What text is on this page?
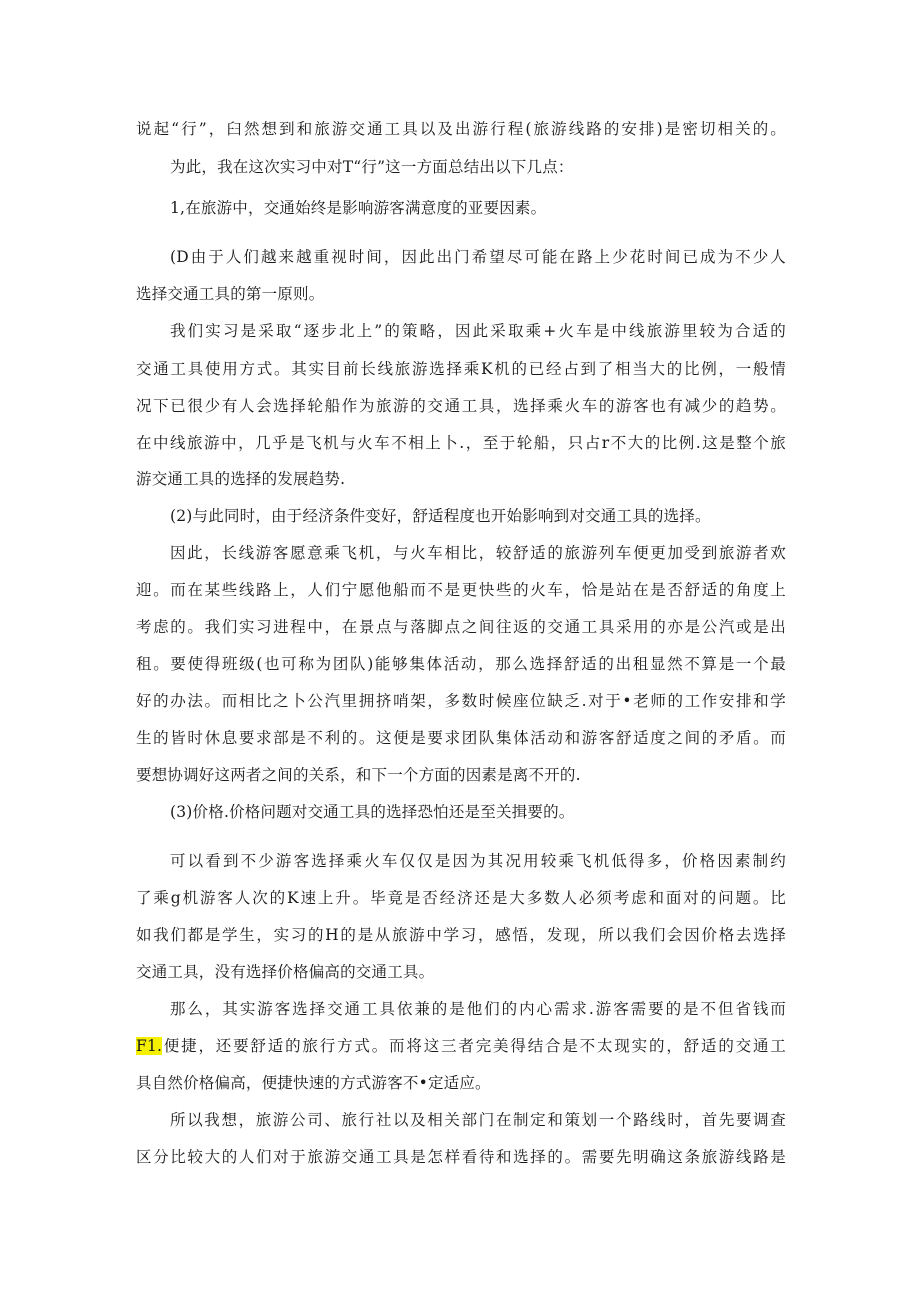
说起“行”，臼然想到和旅游交通工具以及出游行程(旅游线路的安排)是密切相关的。
为此，我在这次实习中对T“行”这一方面总结出以下几点：
1,在旅游中，交通始终是影响游客满意度的亚要因素。
(D由于人们越来越重视时间，因此出门希望尽可能在路上少花时间已成为不少人
选择交通工具的第一原则。
我们实习是采取“逐步北上”的策略，因此采取乘+火车是中线旅游里较为合适的
交通工具使用方式。其实目前长线旅游选择乘K机的已经占到了相当大的比例，一般情
况下已很少有人会选择轮船作为旅游的交通工具，选择乘火车的游客也有减少的趋势。
在中线旅游中，几乎是飞机与火车不相上卜.，至于轮船，只占r不大的比例.这是整个旅
游交通工具的选择的发展趋势.
(2)与此同时，由于经济条件变好，舒适程度也开始影响到对交通工具的选择。
因此，长线游客愿意乘飞机，与火车相比，较舒适的旅游列车便更加受到旅游者欢
迎。而在某些线路上，人们宁愿他船而不是更快些的火车，恰是站在是否舒适的角度上
考虑的。我们实习进程中，在景点与落脚点之间往返的交通工具采用的亦是公汽或是出
租。要使得班级(也可称为团队)能够集体活动，那么选择舒适的出租显然不算是一个最
好的办法。而相比之卜公汽里拥挤哨架，多数时候座位缺乏.对于•老师的工作安排和学
生的皆时休息要求部是不利的。这便是要求团队集体活动和游客舒适度之间的矛盾。而
要想协调好这两者之间的关系，和下一个方面的因素是离不开的.
(3)价格.价格问题对交通工具的选择恐怕还是至关揖要的。
可以看到不少游客选择乘火车仅仅是因为其况用较乘飞机低得多，价格因素制约
了乘g机游客人次的K速上升。毕竟是否经济还是大多数人必须考虑和面对的问题。比
如我们都是学生，实习的H的是从旅游中学习，感悟，发现，所以我们会因价格去选择
交通工具，没有选择价格偏高的交通工具。
那么，其实游客选择交通工具依兼的是他们的内心需求.游客需要的是不但省钱而
F1.便捷，还要舒适的旅行方式。而将这三者完美得结合是不太现实的，舒适的交通工
具自然价格偏高，便捷快速的方式游客不•定适应。
所以我想，旅游公司、旅行社以及相关部门在制定和策划一个路线时，首先要调查
区分比较大的人们对于旅游交通工具是怎样看待和选择的。需要先明确这条旅游线路是
